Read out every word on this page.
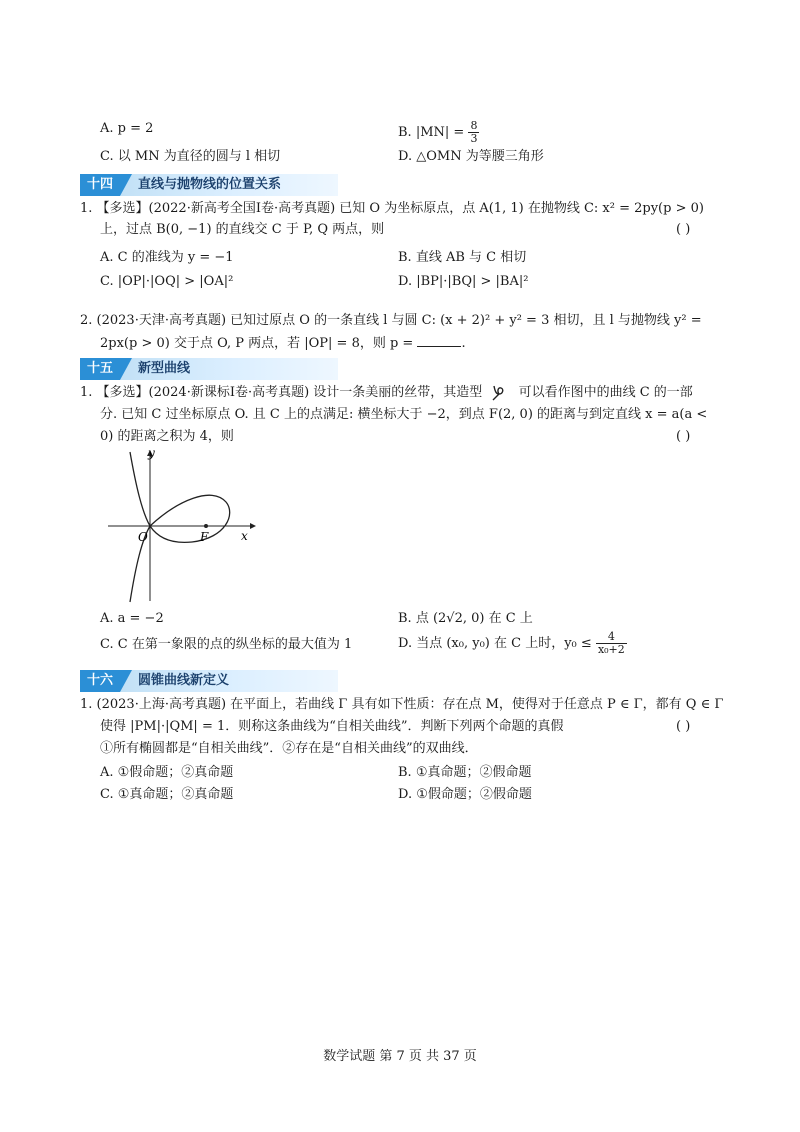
A. p = 2	B. $|MN| = \frac{8}{3}$
C. 以 MN 为直径的圆与 l 相切	D. △OMN 为等腰三角形
十四	直线与抛物线的位置关系
1. 【多选】(2022·新高考全国Ⅰ卷·高考真题) 已知 O 为坐标原点，点 A(1, 1) 在抛物线 C: x² = 2py(p > 0)
上，过点 B(0, −1) 的直线交 C 于 P, Q 两点，则	( )
A. C 的准线为 y = −1	B. 直线 AB 与 C 相切
C. |OP|·|OQ| > |OA|²	D. |BP|·|BQ| > |BA|²
2. (2023·天津·高考真题) 已知过原点 O 的一条直线 l 与圆 C: (x + 2)² + y² = 3 相切，且 l 与抛物线 y² =
2px(p > 0) 交于点 O, P 两点，若 |OP| = 8，则 p =	.
十五	新型曲线
1. 【多选】(2024·新课标Ⅰ卷·高考真题) 设计一条美丽的丝带，其造型	可以看作图中的曲线 C 的一部
分. 已知 C 过坐标原点 O. 且 C 上的点满足: 横坐标大于 −2，到点 F(2, 0) 的距离与到定直线 x = a(a <
0) 的距离之积为 4，则	( )
y
x
O	F
A. a = −2	B. 点 (2√2, 0) 在 C 上
C. C 在第一象限的点的纵坐标的最大值为 1	D. 当点 (x₀, y₀) 在 C 上时，$y_0 \le \frac{4}{\text{x₀+2}}$
十六	圆锥曲线新定义
1. (2023·上海·高考真题) 在平面上，若曲线 Γ 具有如下性质：存在点 M，使得对于任意点 P ∈ Γ，都有 Q ∈ Γ
使得 |PM|·|QM| = 1．则称这条曲线为“自相关曲线”．判断下列两个命题的真假	( )
①所有椭圆都是“自相关曲线”．②存在是“自相关曲线”的双曲线．
A. ①假命题；②真命题	B. ①真命题；②假命题
C. ①真命题；②真命题	D. ①假命题；②假命题
数学试题 第 7 页 共 37 页
